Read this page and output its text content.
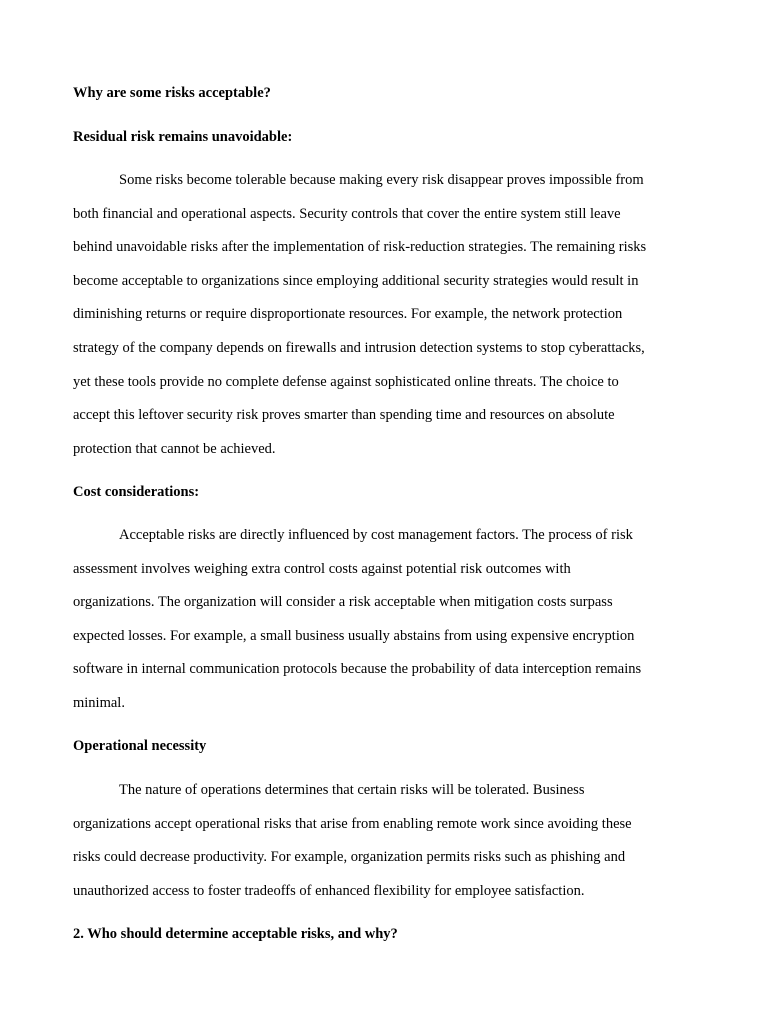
Why are some risks acceptable?
Residual risk remains unavoidable:
Some risks become tolerable because making every risk disappear proves impossible from
both financial and operational aspects. Security controls that cover the entire system still leave
behind unavoidable risks after the implementation of risk-reduction strategies. The remaining risks
become acceptable to organizations since employing additional security strategies would result in
diminishing returns or require disproportionate resources. For example, the network protection
strategy of the company depends on firewalls and intrusion detection systems to stop cyberattacks,
yet these tools provide no complete defense against sophisticated online threats. The choice to
accept this leftover security risk proves smarter than spending time and resources on absolute
protection that cannot be achieved.
Cost considerations:
Acceptable risks are directly influenced by cost management factors. The process of risk
assessment involves weighing extra control costs against potential risk outcomes with
organizations. The organization will consider a risk acceptable when mitigation costs surpass
expected losses. For example, a small business usually abstains from using expensive encryption
software in internal communication protocols because the probability of data interception remains
minimal.
Operational necessity
The nature of operations determines that certain risks will be tolerated. Business
organizations accept operational risks that arise from enabling remote work since avoiding these
risks could decrease productivity. For example, organization permits risks such as phishing and
unauthorized access to foster tradeoffs of enhanced flexibility for employee satisfaction.
2. Who should determine acceptable risks, and why?
